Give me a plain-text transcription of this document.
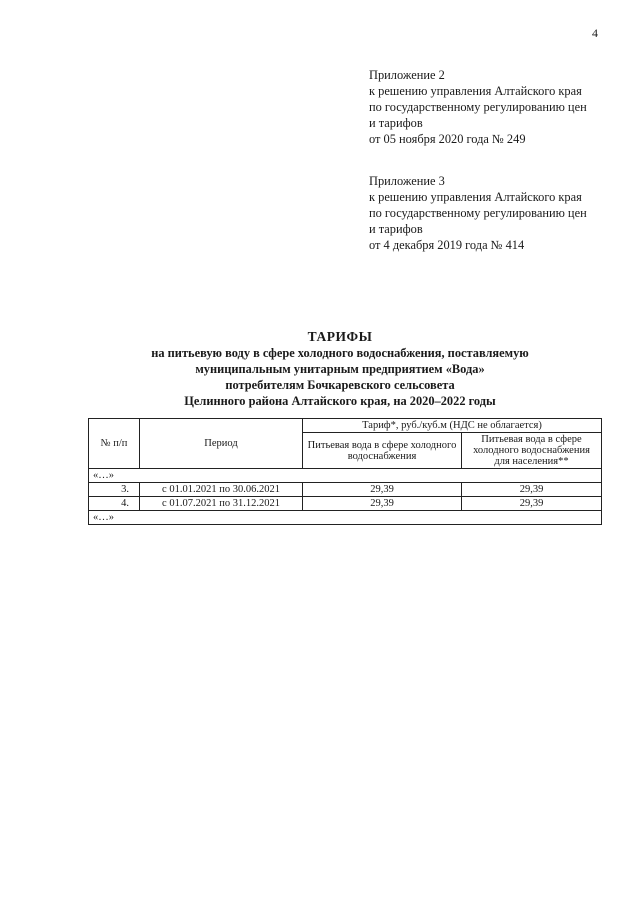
4
Приложение 2
к решению управления Алтайского края
по государственному регулированию цен
и тарифов
от 05 ноября 2020 года № 249
Приложение 3
к решению управления Алтайского края
по государственному регулированию цен
и тарифов
от 4 декабря 2019 года № 414
ТАРИФЫ
на питьевую воду в сфере холодного водоснабжения, поставляемую
муниципальным унитарным предприятием «Вода»
потребителям Бочкаревского сельсовета
Целинного района Алтайского края, на 2020–2022 годы
№ п/п	Период	Тариф*, руб./куб.м (НДС не облагается)	
		Питьевая вода в сфере холодного водоснабжения	Питьевая вода в сфере холодного водоснабжения для населения**
«…»			
3.	с 01.01.2021 по 30.06.2021	29,39	29,39
4.	с 01.07.2021 по 31.12.2021	29,39	29,39
«…»			
